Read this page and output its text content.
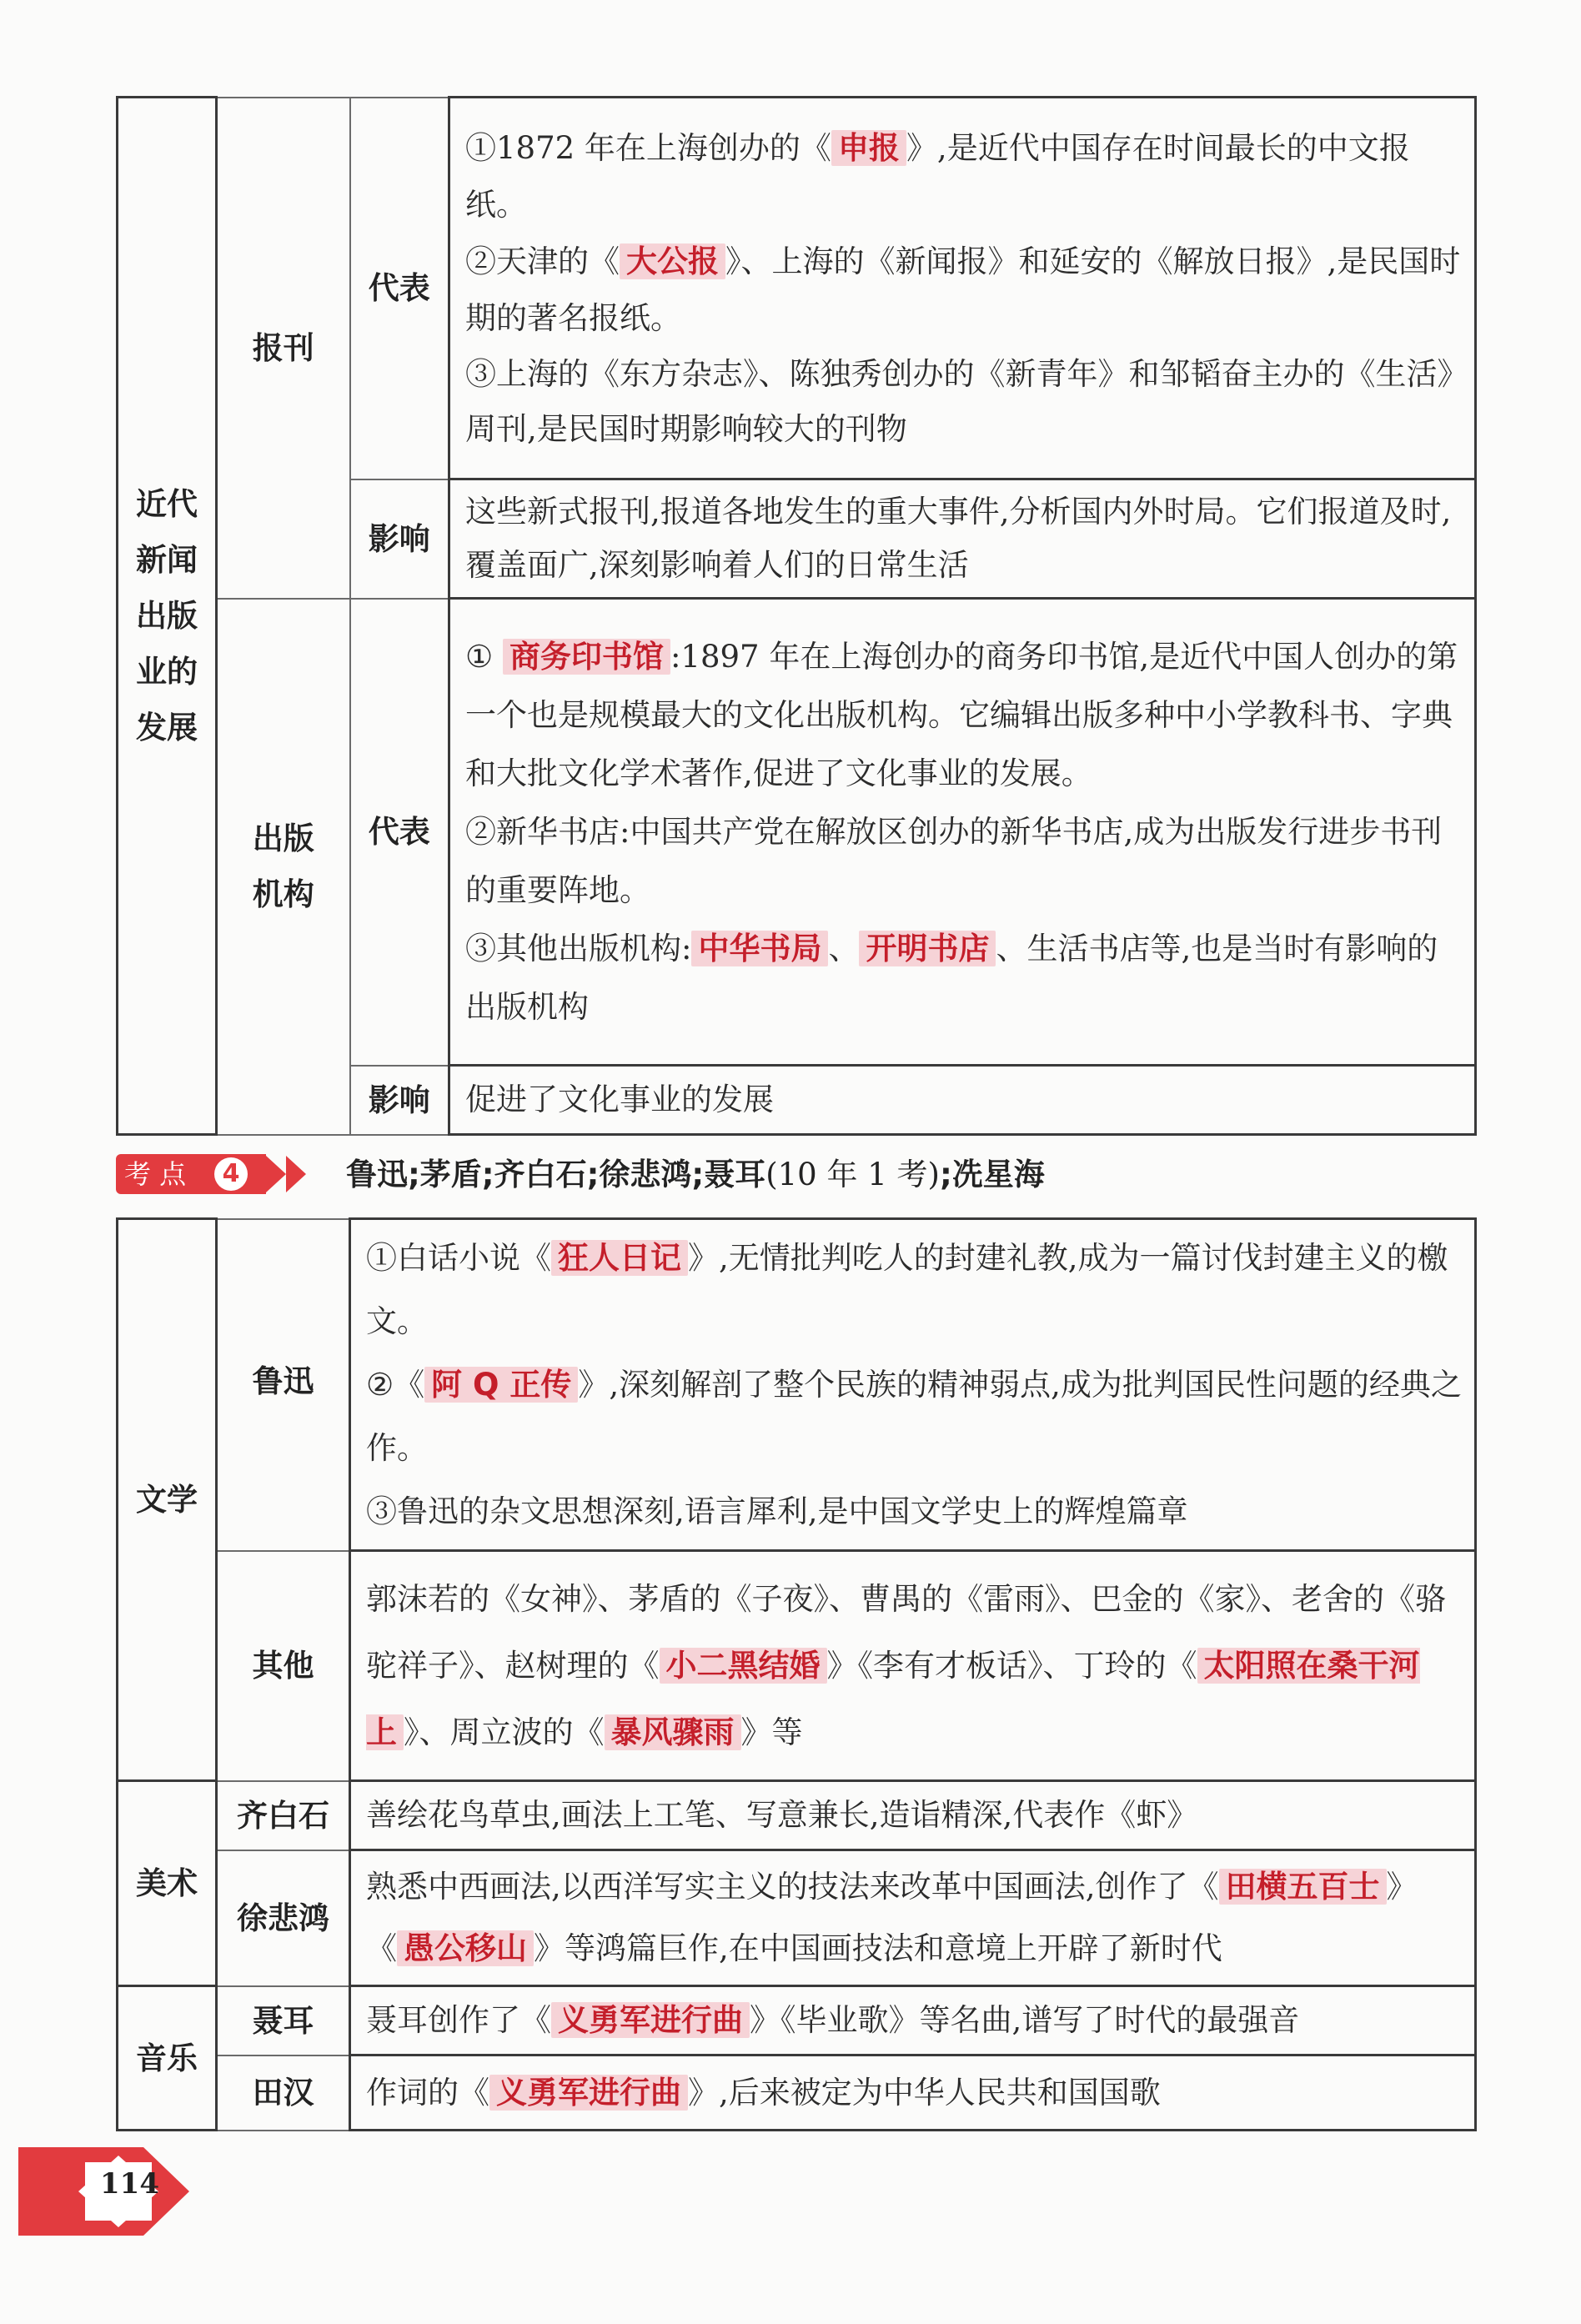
近代新闻出版业的发展	报刊	代表	①1872 年在上海创办的《 申报 》,是近代中国存在时间最长的中文报纸。

②天津的《 大公报 》、上海的《新闻报》和延安的《解放日报》,是民国时期的著名报纸。

③上海的《东方杂志》、陈独秀创办的《新青年》和邹韬奋主办的《生活》周刊,是民国时期影响较大的刊物

		影响	这些新式报刊,报道各地发生的重大事件,分析国内外时局。它们报道及时,覆盖面广,深刻影响着人们的日常生活

	出版机构	代表	① 商务印书馆 :1897 年在上海创办的商务印书馆,是近代中国人创办的第一个也是规模最大的文化出版机构。它编辑出版多种中小学教科书、字典和大批文化学术著作,促进了文化事业的发展。

②新华书店:中国共产党在解放区创办的新华书店,成为出版发行进步书刊的重要阵地。

③其他出版机构: 中华书局 、 开明书店 、生活书店等,也是当时有影响的出版机构

		影响	促进了文化事业的发展
考 点	4	鲁迅;茅盾;齐白石;徐悲鸿;聂耳(10 年 1 考);冼星海
文学	鲁迅	①白话小说《 狂人日记 》,无情批判吃人的封建礼教,成为一篇讨伐封建主义的檄文。

②《 阿 Q 正传 》,深刻解剖了整个民族的精神弱点,成为批判国民性问题的经典之作。

③鲁迅的杂文思想深刻,语言犀利,是中国文学史上的辉煌篇章

	其他	郭沫若的《女神》、茅盾的《子夜》、曹禺的《雷雨》、巴金的《家》、老舍的《骆驼祥子》、赵树理的《 小二黑结婚 》《李有才板话》、丁玲的《 太阳照在桑干河上 》、周立波的《 暴风骤雨 》等
美术	齐白石	善绘花鸟草虫,画法上工笔、写意兼长,造诣精深,代表作《虾》
	徐悲鸿	熟悉中西画法,以西洋写实主义的技法来改革中国画法,创作了《 田横五百士 》《 愚公移山 》等鸿篇巨作,在中国画技法和意境上开辟了新时代
音乐	聂耳	聂耳创作了《 义勇军进行曲 》《毕业歌》等名曲,谱写了时代的最强音
	田汉	作词的《 义勇军进行曲 》,后来被定为中华人民共和国国歌
114
